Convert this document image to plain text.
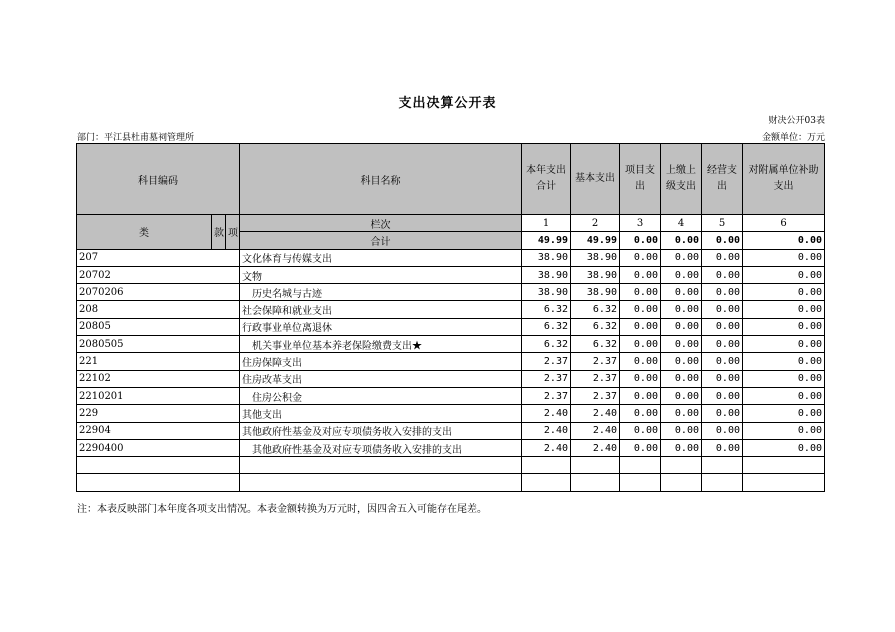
支出决算公开表
财决公开03表
部门：平江县杜甫墓祠管理所	金额单位：万元
科目编码			科目名称	本年支出合计	基本支出	项目支出	上缴上级支出	经营支出	对附属单位补助支出
类	款	项	栏次	1	2	3	4	5	6
			合计	49.99	49.99	0.00	0.00	0.00	0.00
207			文化体育与传媒支出	38.90	38.90	0.00	0.00	0.00	0.00
20702			文物	38.90	38.90	0.00	0.00	0.00	0.00
2070206			历史名城与古迹	38.90	38.90	0.00	0.00	0.00	0.00
208			社会保障和就业支出	6.32	6.32	0.00	0.00	0.00	0.00
20805			行政事业单位离退休	6.32	6.32	0.00	0.00	0.00	0.00
2080505			机关事业单位基本养老保险缴费支出★	6.32	6.32	0.00	0.00	0.00	0.00
221			住房保障支出	2.37	2.37	0.00	0.00	0.00	0.00
22102			住房改革支出	2.37	2.37	0.00	0.00	0.00	0.00
2210201			住房公积金	2.37	2.37	0.00	0.00	0.00	0.00
229			其他支出	2.40	2.40	0.00	0.00	0.00	0.00
22904			其他政府性基金及对应专项债务收入安排的支出	2.40	2.40	0.00	0.00	0.00	0.00
2290400			其他政府性基金及对应专项债务收入安排的支出	2.40	2.40	0.00	0.00	0.00	0.00

注：本表反映部门本年度各项支出情况。本表金额转换为万元时，因四舍五入可能存在尾差。
